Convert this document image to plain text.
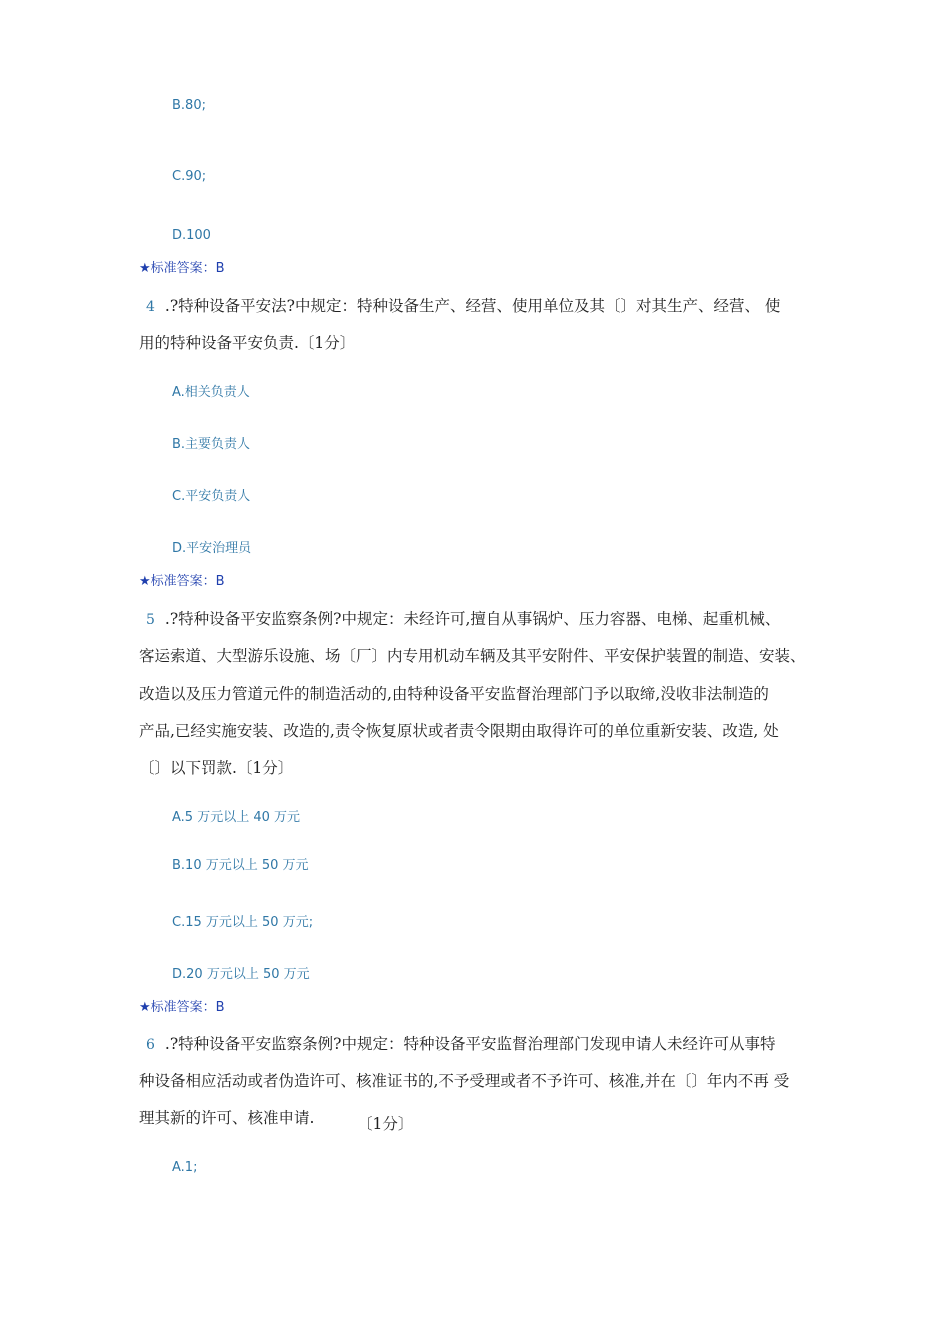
B.80;
C.90;
D.100
★标准答案：B
4 .?特种设备平安法?中规定：特种设备生产、经营、使用单位及其〔〕对其生产、经营、 使
用的特种设备平安负责.〔1分〕
A.相关负责人
B.主要负责人
C.平安负责人
D.平安治理员
★标准答案：B
5 .?特种设备平安监察条例?中规定：未经许可,擅自从事锅炉、压力容器、电梯、起重机械、
客运索道、大型游乐设施、场〔厂〕内专用机动车辆及其平安附件、平安保护装置的制造、安装、
改造以及压力管道元件的制造活动的,由特种设备平安监督治理部门予以取缔,没收非法制造的
产品,已经实施安装、改造的,责令恢复原状或者责令限期由取得许可的单位重新安装、改造, 处
〔〕以下罚款.〔1分〕
A.5 万元以上 40 万元
B.10 万元以上 50 万元
C.15 万元以上 50 万元;
D.20 万元以上 50 万元
★标准答案：B
6 .?特种设备平安监察条例?中规定：特种设备平安监督治理部门发现申请人未经许可从事特
种设备相应活动或者伪造许可、核准证书的,不予受理或者不予许可、核准,并在〔〕年内不再 受
理其新的许可、核准申请.	〔1分〕
A.1;
